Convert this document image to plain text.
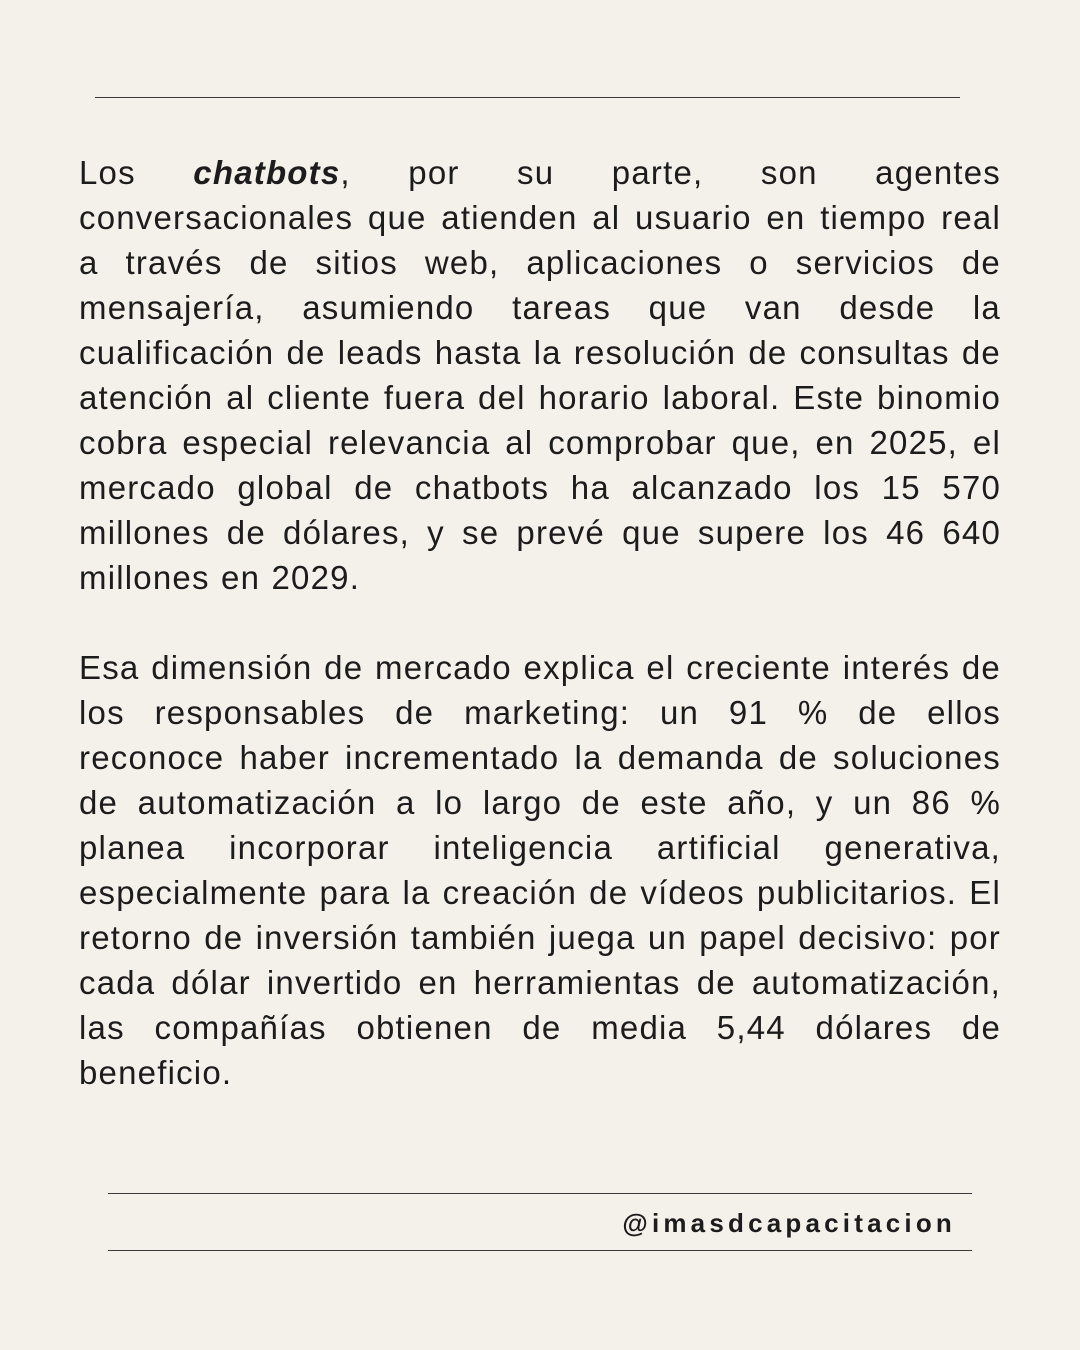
Los chatbots, por su parte, son agentes conversacionales que atienden al usuario en tiempo real a través de sitios web, aplicaciones o servicios de mensajería, asumiendo tareas que van desde la cualificación de leads hasta la resolución de consultas de atención al cliente fuera del horario laboral. Este binomio cobra especial relevancia al comprobar que, en 2025, el mercado global de chatbots ha alcanzado los 15 570 millones de dólares, y se prevé que supere los 46 640 millones en 2029.

Esa dimensión de mercado explica el creciente interés de los responsables de marketing: un 91 % de ellos reconoce haber incrementado la demanda de soluciones de automatización a lo largo de este año, y un 86 % planea incorporar inteligencia artificial generativa, especialmente para la creación de vídeos publicitarios. El retorno de inversión también juega un papel decisivo: por cada dólar invertido en herramientas de automatización, las compañías obtienen de media 5,44 dólares de beneficio.

@imasdcapacitacion
